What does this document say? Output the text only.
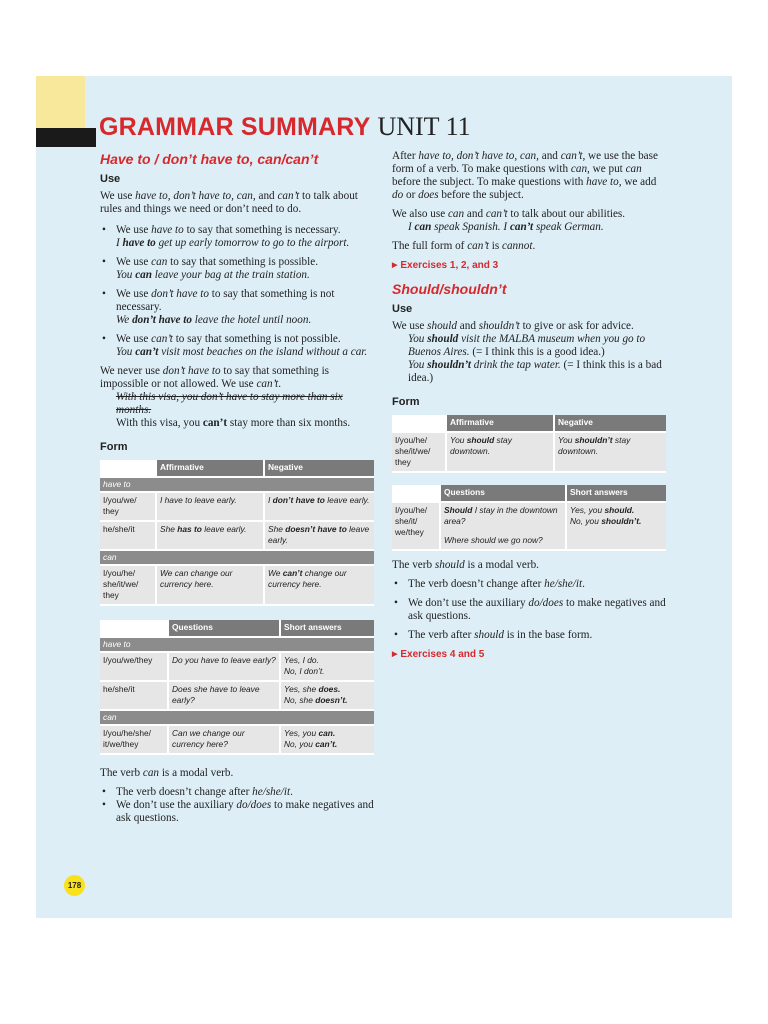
GRAMMAR SUMMARY UNIT 11
Have to / don’t have to, can/can’t
Use

We use have to, don’t have to, can, and can’t to talk about rules and things we need or don’t need to do.

• We use have to to say that something is necessary.
I have to get up early tomorrow to go to the airport.
• We use can to say that something is possible.
You can leave your bag at the train station.
• We use don’t have to to say that something is not necessary.
We don’t have to leave the hotel until noon.
• We use can’t to say that something is not possible.
You can’t visit most beaches on the island without a car.

We never use don’t have to to say that something is impossible or not allowed. We use can’t.

With this visa, you don’t have to stay more than six months.

With this visa, you can’t stay more than six months.

Form
	Affirmative	Negative
have to		
I/you/we/ they	I have to leave early.	I don’t have to leave early.
he/she/it	She has to leave early.	She doesn’t have to leave early.
can		
I/you/he/ she/it/we/ they	We can change our currency here.	We can’t change our currency here.
	Questions	Short answers
have to		
I/you/we/they	Do you have to leave early?	Yes, I do.
No, I don’t.
he/she/it	Does she have to leave early?	Yes, she does.
No, she doesn’t.
can		
I/you/he/she/ it/we/they	Can we change our currency here?	Yes, you can.
No, you can’t.

The verb can is a modal verb.

• The verb doesn’t change after he/she/it.
• We don’t use the auxiliary do/does to make negatives and ask questions.

After have to, don’t have to, can, and can’t, we use the base form of a verb. To make questions with can, we put can before the subject. To make questions with have to, we add do or does before the subject.

We also use can and can’t to talk about our abilities.

I can speak Spanish. I can’t speak German.

The full form of can’t is cannot.

▶ Exercises 1, 2, and 3
Should/shouldn’t
Use

We use should and shouldn’t to give or ask for advice.

You should visit the MALBA museum when you go to Buenos Aires. (= I think this is a good idea.)

You shouldn’t drink the tap water. (= I think this is a bad idea.)

Form
	Affirmative	Negative
I/you/he/ she/it/we/ they	You should stay downtown.	You shouldn’t stay downtown.
	Questions	Short answers
I/you/he/ she/it/ we/they	Should I stay in the downtown area?
Where should we go now?	Yes, you should.
No, you shouldn’t.

The verb should is a modal verb.

• The verb doesn’t change after he/she/it.
• We don’t use the auxiliary do/does to make negatives and ask questions.
• The verb after should is in the base form.
▶ Exercises 4 and 5
178
